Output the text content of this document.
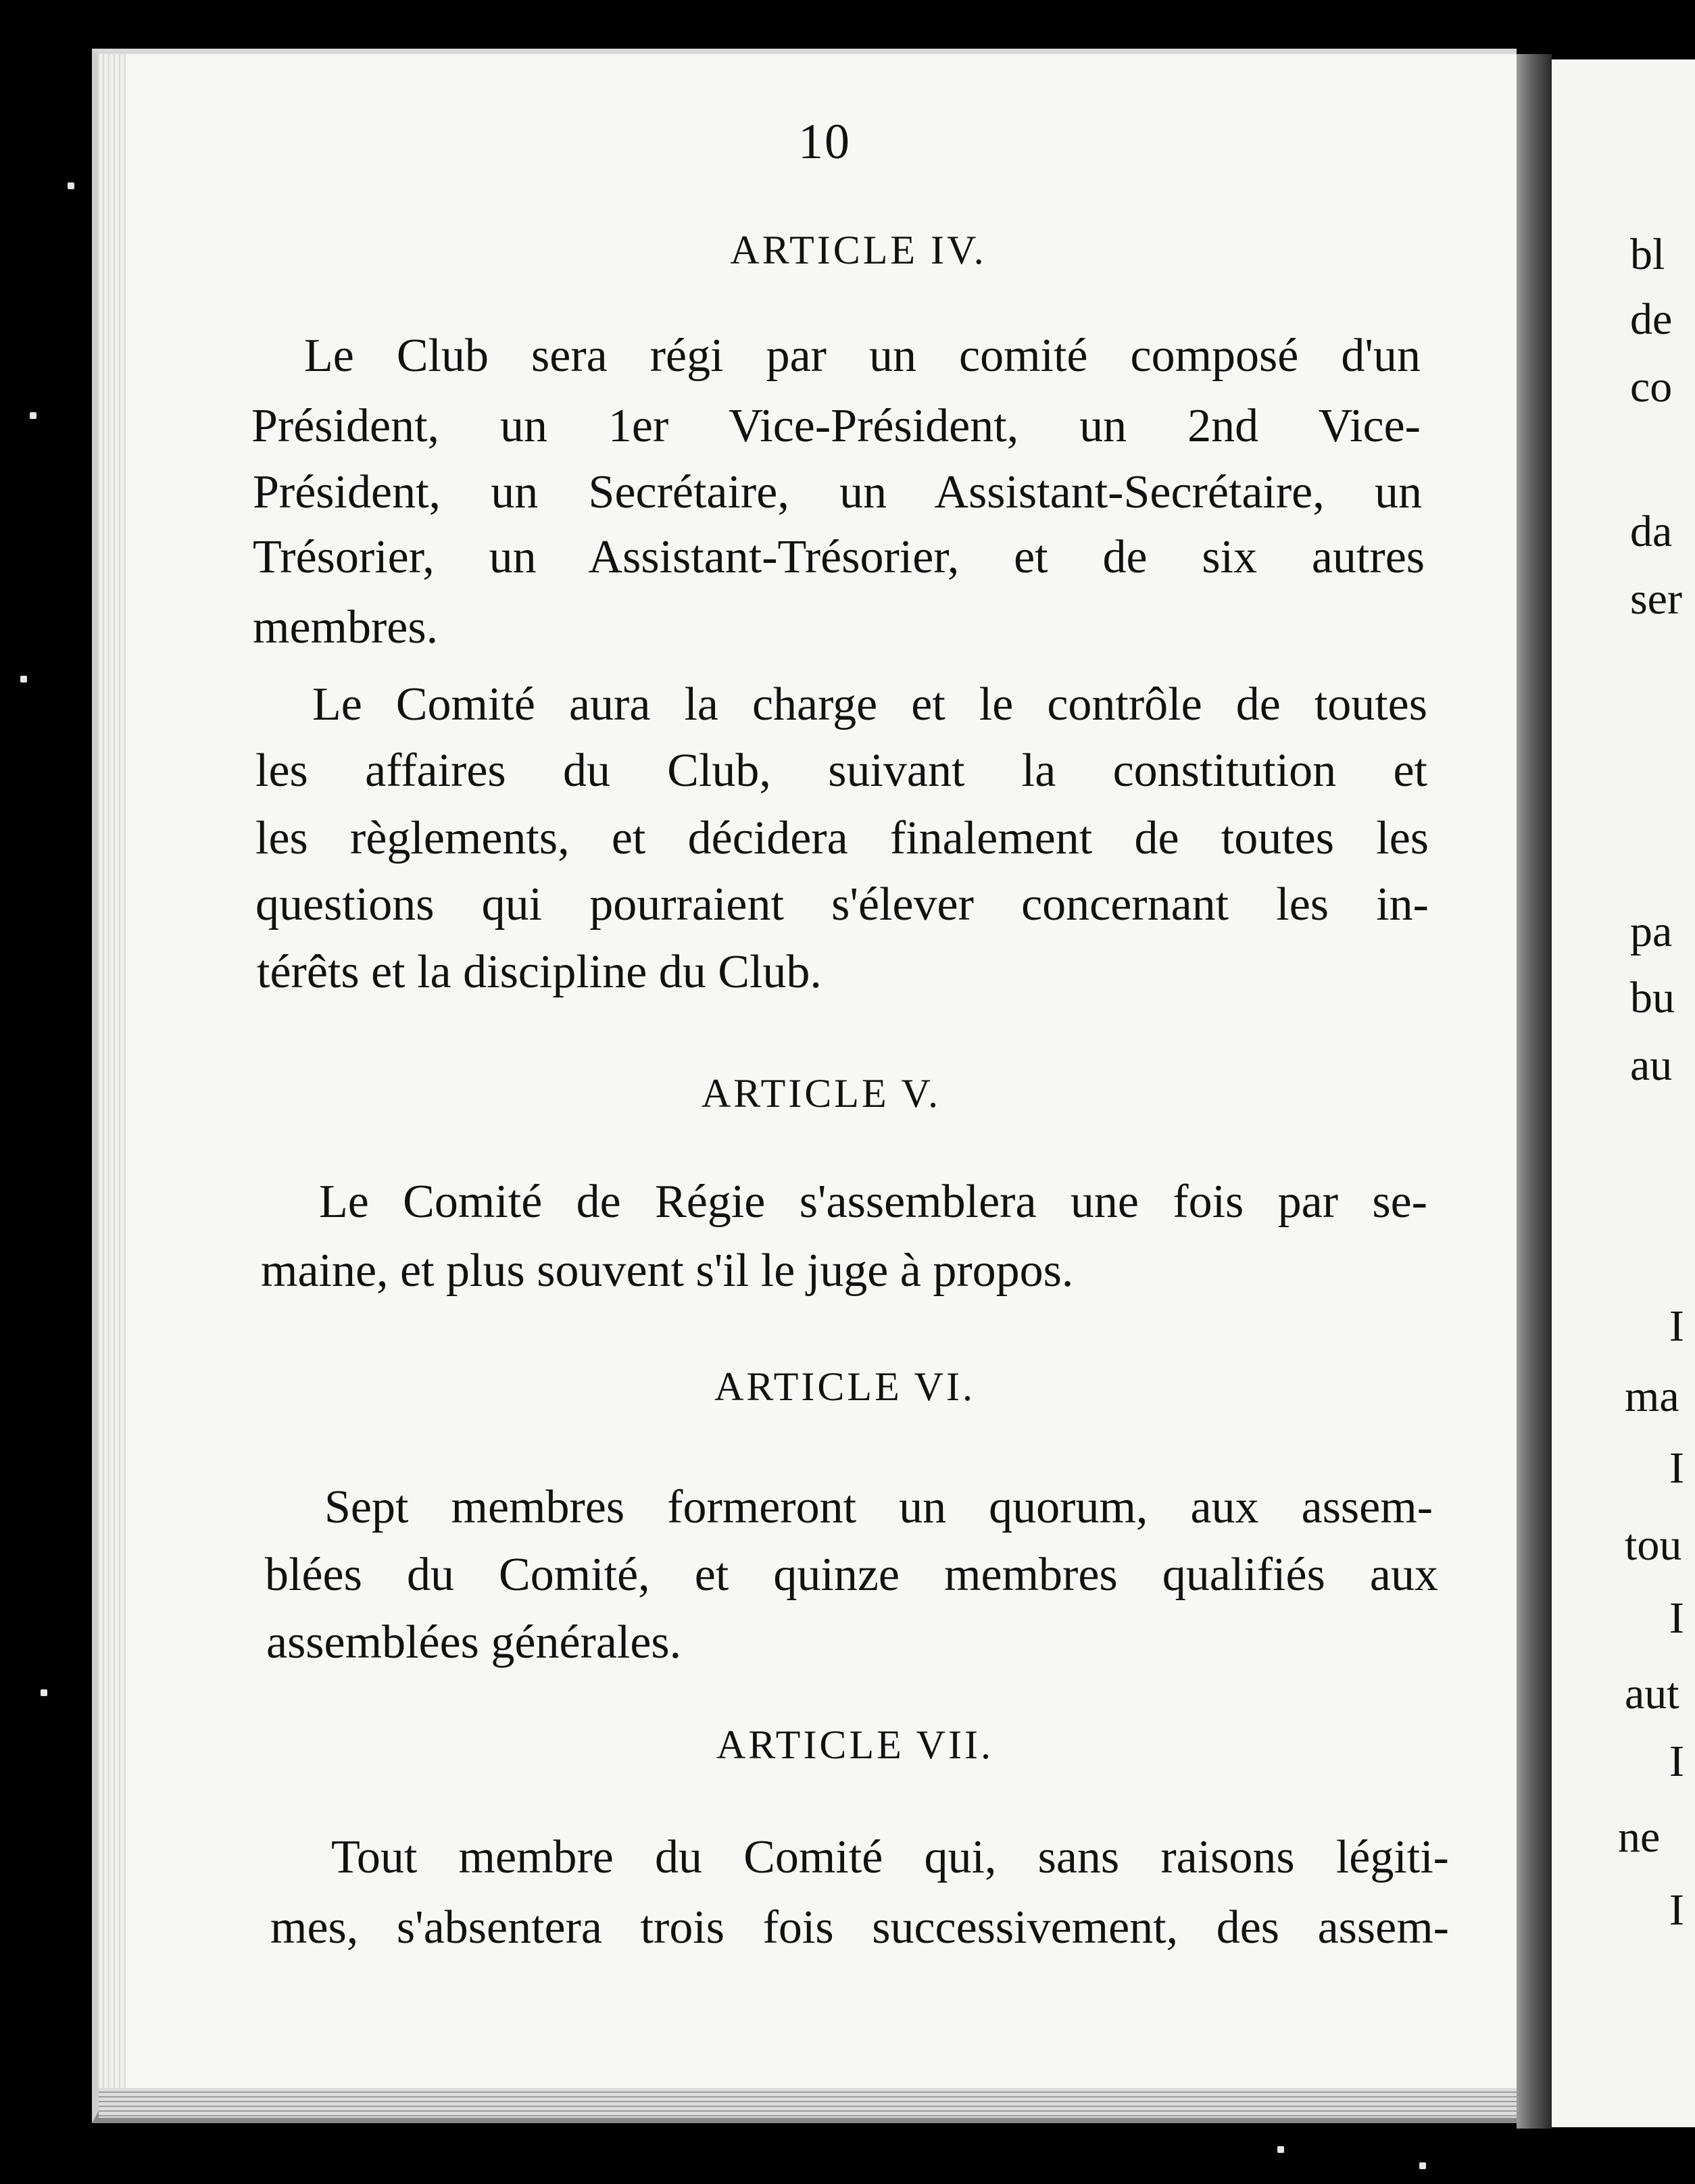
10
ARTICLE IV.
Le Club sera régi par un comité composé d'un
Président, un 1er Vice-Président, un 2nd Vice-
Président, un Secrétaire, un Assistant-Secrétaire, un
Trésorier, un Assistant-Trésorier, et de six autres
membres.
Le Comité aura la charge et le contrôle de toutes
les affaires du Club, suivant la constitution et
les règlements, et décidera finalement de toutes les
questions qui pourraient s'élever concernant les in-
térêts et la discipline du Club.
ARTICLE V.
Le Comité de Régie s'assemblera une fois par se-
maine, et plus souvent s'il le juge à propos.
ARTICLE VI.
Sept membres formeront un quorum, aux assem-
blées du Comité, et quinze membres qualifiés aux
assemblées générales.
ARTICLE VII.
Tout membre du Comité qui, sans raisons légiti-
mes, s'absentera trois fois successivement, des assem-
bl
de
co
da
ser
pa
bu
au
I
ma
I
tou
I
aut
I
ne
I
